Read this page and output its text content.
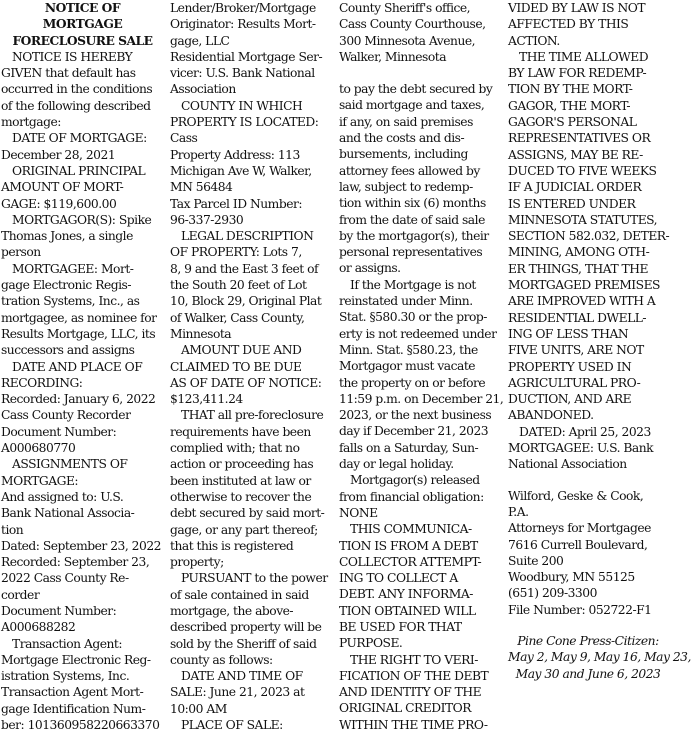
NOTICE OF
MORTGAGE
FORECLOSURE SALE
NOTICE IS HEREBY
GIVEN that default has
occurred in the conditions
of the following described
mortgage:
DATE OF MORTGAGE:
December 28, 2021
ORIGINAL PRINCIPAL
AMOUNT OF MORT-
GAGE: $119,600.00
MORTGAGOR(S): Spike
Thomas Jones, a single
person
MORTGAGEE: Mort-
gage Electronic Regis-
tration Systems, Inc., as
mortgagee, as nominee for
Results Mortgage, LLC, its
successors and assigns
DATE AND PLACE OF
RECORDING:
Recorded: January 6, 2022
Cass County Recorder
Document Number:
A000680770
ASSIGNMENTS OF
MORTGAGE:
And assigned to: U.S.
Bank National Associa-
tion
Dated: September 23, 2022
Recorded: September 23,
2022 Cass County Re-
corder
Document Number:
A000688282
Transaction Agent:
Mortgage Electronic Reg-
istration Systems, Inc.
Transaction Agent Mort-
gage Identification Num-
ber: 1013609582206633​70
Lender/Broker/Mortgage
Originator: Results Mort-
gage, LLC
Residential Mortgage Ser-
vicer: U.S. Bank National
Association
COUNTY IN WHICH
PROPERTY IS LOCATED:
Cass
Property Address: 113
Michigan Ave W, Walker,
MN 56484
Tax Parcel ID Number:
96-337-2930
LEGAL DESCRIPTION
OF PROPERTY: Lots 7,
8, 9 and the East 3 feet of
the South 20 feet of Lot
10, Block 29, Original Plat
of Walker, Cass County,
Minnesota
AMOUNT DUE AND
CLAIMED TO BE DUE
AS OF DATE OF NOTICE:
$123,411.24
THAT all pre-foreclosure
requirements have been
complied with; that no
action or proceeding has
been instituted at law or
otherwise to recover the
debt secured by said mort-
gage, or any part thereof;
that this is registered
property;
PURSUANT to the power
of sale contained in said
mortgage, the above-
described property will be
sold by the Sheriff of said
county as follows:
DATE AND TIME OF
SALE: June 21, 2023 at
10:00 AM
PLACE OF SALE:
County Sheriff's office,
Cass County Courthouse,
300 Minnesota Avenue,
Walker, Minnesota
to pay the debt secured by
said mortgage and taxes,
if any, on said premises
and the costs and dis-
bursements, including
attorney fees allowed by
law, subject to redemp-
tion within six (6) months
from the date of said sale
by the mortgagor(s), their
personal representatives
or assigns.
If the Mortgage is not
reinstated under Minn.
Stat. §580.30 or the prop-
erty is not redeemed under
Minn. Stat. §580.23, the
Mortgagor must vacate
the property on or before
11:59 p.m. on December 21,
2023, or the next business
day if December 21, 2023
falls on a Saturday, Sun-
day or legal holiday.
Mortgagor(s) released
from financial obligation:
NONE
THIS COMMUNICA-
TION IS FROM A DEBT
COLLECTOR ATTEMPT-
ING TO COLLECT A
DEBT. ANY INFORMA-
TION OBTAINED WILL
BE USED FOR THAT
PURPOSE.
THE RIGHT TO VERI-
FICATION OF THE DEBT
AND IDENTITY OF THE
ORIGINAL CREDITOR
WITHIN THE TIME PRO-
VIDED BY LAW IS NOT
AFFECTED BY THIS
ACTION.
THE TIME ALLOWED
BY LAW FOR REDEMP-
TION BY THE MORT-
GAGOR, THE MORT-
GAGOR'S PERSONAL
REPRESENTATIVES OR
ASSIGNS, MAY BE RE-
DUCED TO FIVE WEEKS
IF A JUDICIAL ORDER
IS ENTERED UNDER
MINNESOTA STATUTES,
SECTION 582.032, DETER-
MINING, AMONG OTH-
ER THINGS, THAT THE
MORTGAGED PREMISES
ARE IMPROVED WITH A
RESIDENTIAL DWELL-
ING OF LESS THAN
FIVE UNITS, ARE NOT
PROPERTY USED IN
AGRICULTURAL PRO-
DUCTION, AND ARE
ABANDONED.
DATED: April 25, 2023
MORTGAGEE: U.S. Bank
National Association
Wilford, Geske & Cook,
P.A.
Attorneys for Mortgagee
7616 Currell Boulevard,
Suite 200
Woodbury, MN 55125
(651) 209-3300
File Number: 052722-F1
Pine Cone Press-Citizen:
May 2, May 9, May 16, May 23,
May 30 and June 6, 2023
